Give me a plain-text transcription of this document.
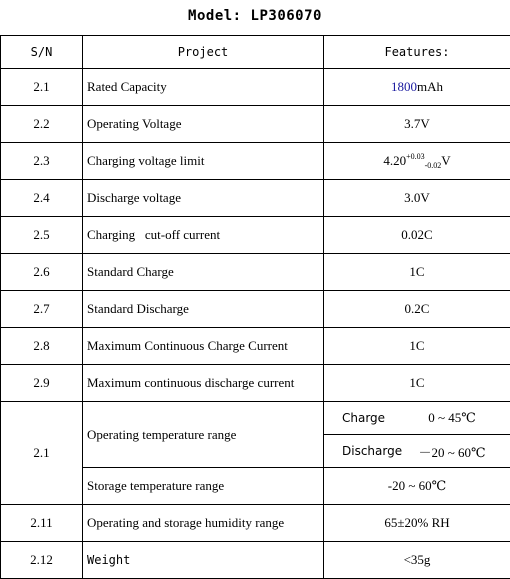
Model: LP306070
S/N	Project	Features:
2.1	Rated Capacity	1800mAh
2.2	Operating Voltage	3.7V
2.3	Charging voltage limit	$4.20^{+0.03}_{-0.02}V$
2.4	Discharge voltage	3.0V
2.5	Charging   cut-off current	0.02C
2.6	Standard Charge	1C
2.7	Standard Discharge	0.2C
2.8	Maximum Continuous Charge Current	1C
2.9	Maximum continuous discharge current	1C
2.1	Operating temperature range	Charge 0 ~ 45℃

		Discharge －20 ~ 60℃

	Storage temperature range	-20 ~ 60℃
2.11	Operating and storage humidity range	65±20% RH
2.12	Weight	<35g
